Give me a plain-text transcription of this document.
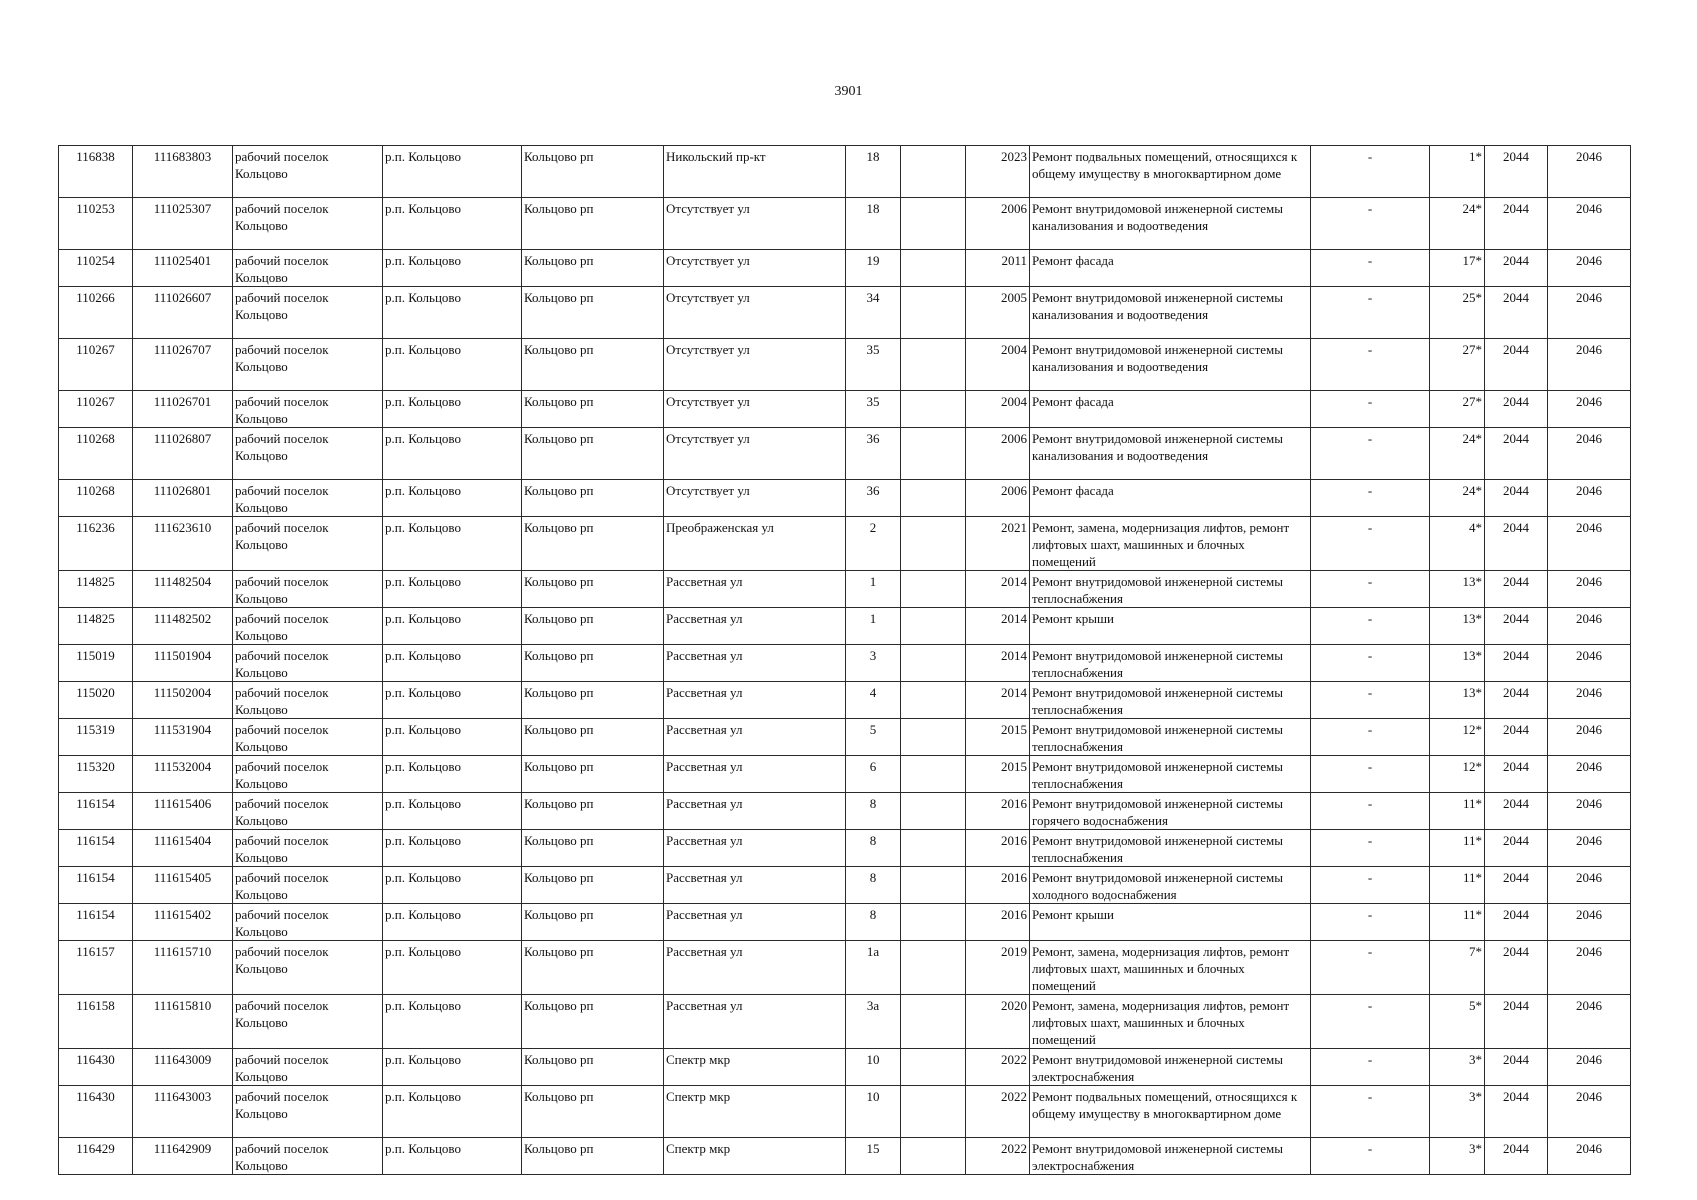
3901
116838	111683803	рабочий поселок Кольцово	р.п. Кольцово	Кольцово рп	Никольский пр-кт	18		2023	Ремонт подвальных помещений, относящихся к общему имуществу в многоквартирном доме	-	1*	2044	2046
110253	111025307	рабочий поселок Кольцово	р.п. Кольцово	Кольцово рп	Отсутствует ул	18		2006	Ремонт внутридомовой инженерной системы канализования и водоотведения	-	24*	2044	2046
110254	111025401	рабочий поселок Кольцово	р.п. Кольцово	Кольцово рп	Отсутствует ул	19		2011	Ремонт фасада	-	17*	2044	2046
110266	111026607	рабочий поселок Кольцово	р.п. Кольцово	Кольцово рп	Отсутствует ул	34		2005	Ремонт внутридомовой инженерной системы канализования и водоотведения	-	25*	2044	2046
110267	111026707	рабочий поселок Кольцово	р.п. Кольцово	Кольцово рп	Отсутствует ул	35		2004	Ремонт внутридомовой инженерной системы канализования и водоотведения	-	27*	2044	2046
110267	111026701	рабочий поселок Кольцово	р.п. Кольцово	Кольцово рп	Отсутствует ул	35		2004	Ремонт фасада	-	27*	2044	2046
110268	111026807	рабочий поселок Кольцово	р.п. Кольцово	Кольцово рп	Отсутствует ул	36		2006	Ремонт внутридомовой инженерной системы канализования и водоотведения	-	24*	2044	2046
110268	111026801	рабочий поселок Кольцово	р.п. Кольцово	Кольцово рп	Отсутствует ул	36		2006	Ремонт фасада	-	24*	2044	2046
116236	111623610	рабочий поселок Кольцово	р.п. Кольцово	Кольцово рп	Преображенская ул	2		2021	Ремонт, замена, модернизация лифтов, ремонт лифтовых шахт, машинных и блочных помещений	-	4*	2044	2046
114825	111482504	рабочий поселок Кольцово	р.п. Кольцово	Кольцово рп	Рассветная ул	1		2014	Ремонт внутридомовой инженерной системы теплоснабжения	-	13*	2044	2046
114825	111482502	рабочий поселок Кольцово	р.п. Кольцово	Кольцово рп	Рассветная ул	1		2014	Ремонт крыши	-	13*	2044	2046
115019	111501904	рабочий поселок Кольцово	р.п. Кольцово	Кольцово рп	Рассветная ул	3		2014	Ремонт внутридомовой инженерной системы теплоснабжения	-	13*	2044	2046
115020	111502004	рабочий поселок Кольцово	р.п. Кольцово	Кольцово рп	Рассветная ул	4		2014	Ремонт внутридомовой инженерной системы теплоснабжения	-	13*	2044	2046
115319	111531904	рабочий поселок Кольцово	р.п. Кольцово	Кольцово рп	Рассветная ул	5		2015	Ремонт внутридомовой инженерной системы теплоснабжения	-	12*	2044	2046
115320	111532004	рабочий поселок Кольцово	р.п. Кольцово	Кольцово рп	Рассветная ул	6		2015	Ремонт внутридомовой инженерной системы теплоснабжения	-	12*	2044	2046
116154	111615406	рабочий поселок Кольцово	р.п. Кольцово	Кольцово рп	Рассветная ул	8		2016	Ремонт внутридомовой инженерной системы горячего водоснабжения	-	11*	2044	2046
116154	111615404	рабочий поселок Кольцово	р.п. Кольцово	Кольцово рп	Рассветная ул	8		2016	Ремонт внутридомовой инженерной системы теплоснабжения	-	11*	2044	2046
116154	111615405	рабочий поселок Кольцово	р.п. Кольцово	Кольцово рп	Рассветная ул	8		2016	Ремонт внутридомовой инженерной системы холодного водоснабжения	-	11*	2044	2046
116154	111615402	рабочий поселок Кольцово	р.п. Кольцово	Кольцово рп	Рассветная ул	8		2016	Ремонт крыши	-	11*	2044	2046
116157	111615710	рабочий поселок Кольцово	р.п. Кольцово	Кольцово рп	Рассветная ул	1а		2019	Ремонт, замена, модернизация лифтов, ремонт лифтовых шахт, машинных и блочных помещений	-	7*	2044	2046
116158	111615810	рабочий поселок Кольцово	р.п. Кольцово	Кольцово рп	Рассветная ул	3а		2020	Ремонт, замена, модернизация лифтов, ремонт лифтовых шахт, машинных и блочных помещений	-	5*	2044	2046
116430	111643009	рабочий поселок Кольцово	р.п. Кольцово	Кольцово рп	Спектр мкр	10		2022	Ремонт внутридомовой инженерной системы электроснабжения	-	3*	2044	2046
116430	111643003	рабочий поселок Кольцово	р.п. Кольцово	Кольцово рп	Спектр мкр	10		2022	Ремонт подвальных помещений, относящихся к общему имуществу в многоквартирном доме	-	3*	2044	2046
116429	111642909	рабочий поселок Кольцово	р.п. Кольцово	Кольцово рп	Спектр мкр	15		2022	Ремонт внутридомовой инженерной системы электроснабжения	-	3*	2044	2046
